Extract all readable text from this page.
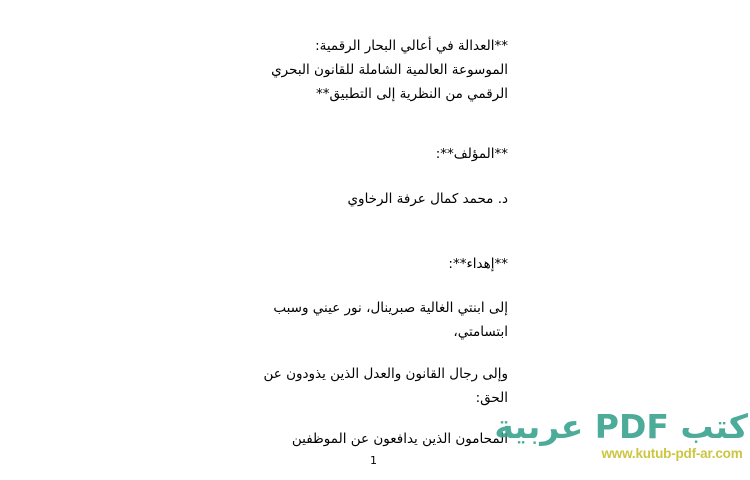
**العدالة في أعالي البحار الرقمية: الموسوعة العالمية الشاملة للقانون البحري الرقمي من النظرية إلى التطبيق**

**المؤلف**:

د. محمد كمال عرفة الرخاوي

**إهداء**:

إلى ابنتي الغالية صبرينال، نور عيني وسبب ابتسامتي،

وإلى رجال القانون والعدل الذين يذودون عن الحق:

المحامون الذين يدافعون عن الموظفين

1
كتب PDF عربية
www.kutub-pdf-ar.com
